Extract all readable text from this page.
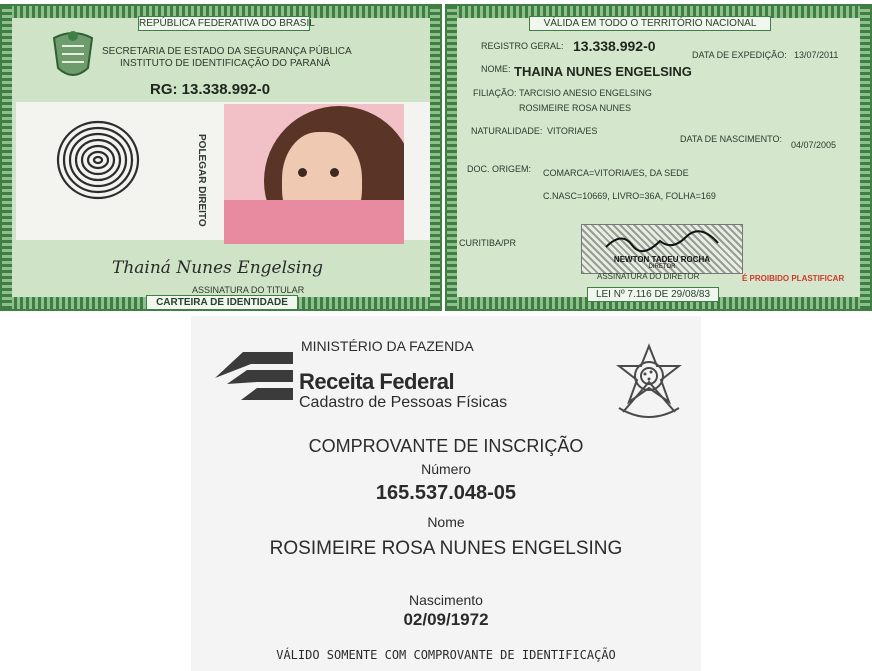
REPÚBLICA FEDERATIVA DO BRASIL
SECRETARIA DE ESTADO DA SEGURANÇA PÚBLICA
INSTITUTO DE IDENTIFICAÇÃO DO PARANÁ
RG: 13.338.992-0
POLEGAR DIREITO
Thainá Nunes Engelsing
ASSINATURA DO TITULAR
CARTEIRA DE IDENTIDADE
VÁLIDA EM TODO O TERRITÓRIO NACIONAL
REGISTRO GERAL: 13.338.992-0
DATA DE EXPEDIÇÃO: 13/07/2011
NOME: THAINA NUNES ENGELSING
FILIAÇÃO: TARCISIO ANESIO ENGELSING
ROSIMEIRE ROSA NUNES
NATURALIDADE: VITORIA/ES
DATA DE NASCIMENTO:
04/07/2005
DOC. ORIGEM: COMARCA=VITORIA/ES, DA SEDE
C.NASC=10669, LIVRO=36A, FOLHA=169
CURITIBA/PR
NEWTON TADEU ROCHA
DIRETOR
ASSINATURA DO DIRETOR	É PROIBIDO PLASTIFICAR
LEI Nº 7.116 DE 29/08/83
MINISTÉRIO DA FAZENDA
Receita Federal
Cadastro de Pessoas Físicas
COMPROVANTE DE INSCRIÇÃO
Número
165.537.048-05
Nome
ROSIMEIRE ROSA NUNES ENGELSING
Nascimento
02/09/1972
VÁLIDO SOMENTE COM COMPROVANTE DE IDENTIFICAÇÃO
